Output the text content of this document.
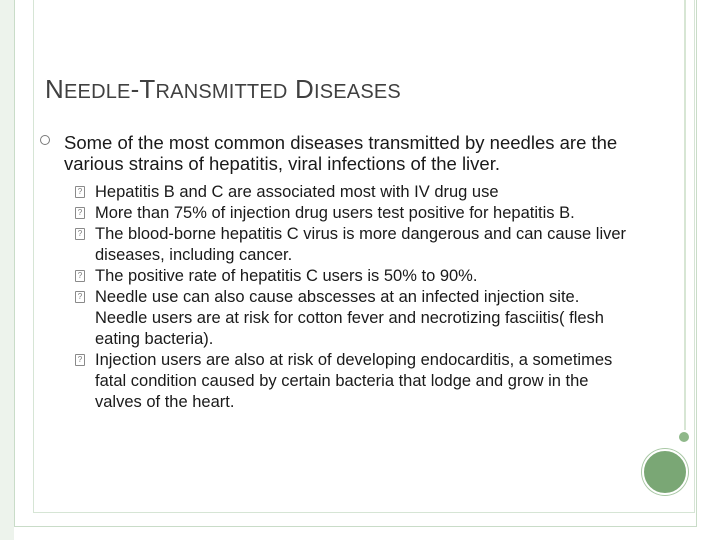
NEEDLE-TRANSMITTED DISEASES
Some of the most common diseases transmitted by needles are the various strains of hepatitis, viral infections of the liver.
? Hepatitis B and C are associated most with IV drug use
? More than 75% of injection drug users test positive for hepatitis B.
? The blood-borne hepatitis C virus is more dangerous and can cause liver diseases, including cancer.
? The positive rate of hepatitis C users is 50% to 90%.
? Needle use can also cause abscesses at an infected injection site. Needle users are at risk for cotton fever and necrotizing fasciitis( flesh eating bacteria).
? Injection users are also at risk of developing endocarditis, a sometimes fatal condition caused by certain bacteria that lodge and grow in the valves of the heart.
